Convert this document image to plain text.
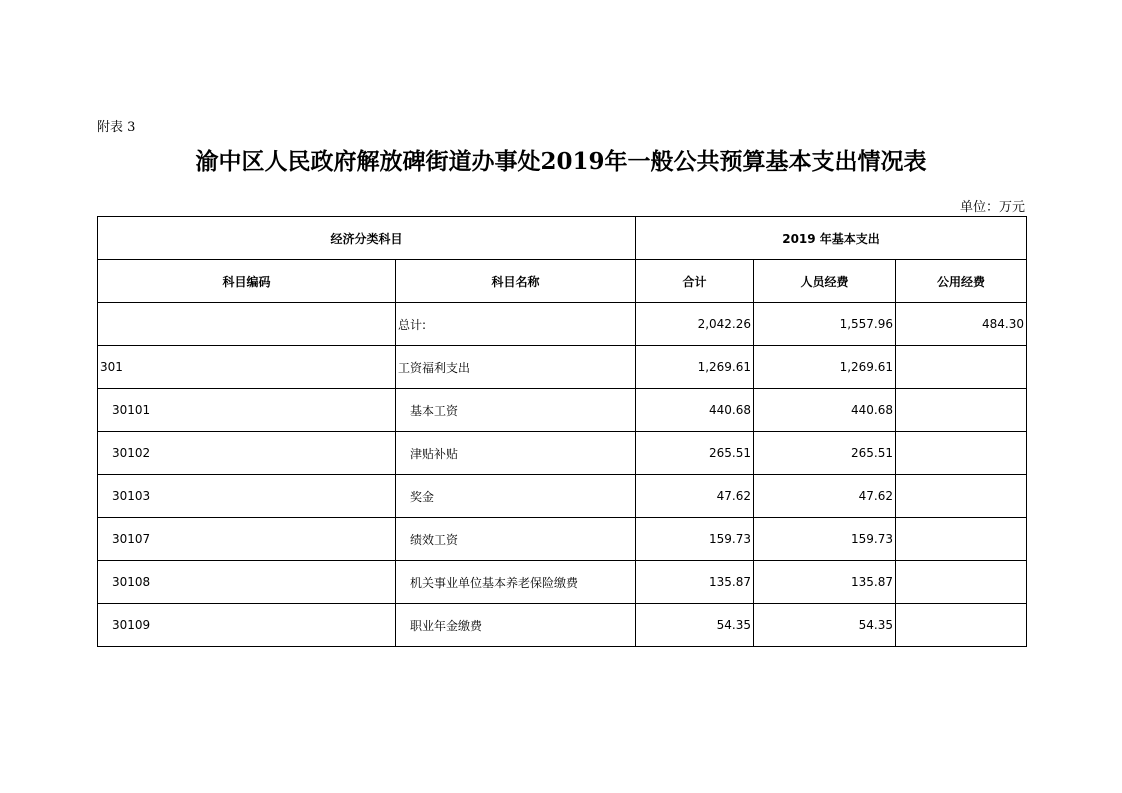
附表 3
渝中区人民政府解放碑街道办事处2019年一般公共预算基本支出情况表
单位：万元
经济分类科目		2019 年基本支出		
科目编码	科目名称	合计	人员经费	公用经费
	总计:	2,042.26	1,557.96	484.30
301	工资福利支出	1,269.61	1,269.61	
30101	基本工资	440.68	440.68	
30102	津贴补贴	265.51	265.51	
30103	奖金	47.62	47.62	
30107	绩效工资	159.73	159.73	
30108	机关事业单位基本养老保险缴费	135.87	135.87	
30109	职业年金缴费	54.35	54.35	
